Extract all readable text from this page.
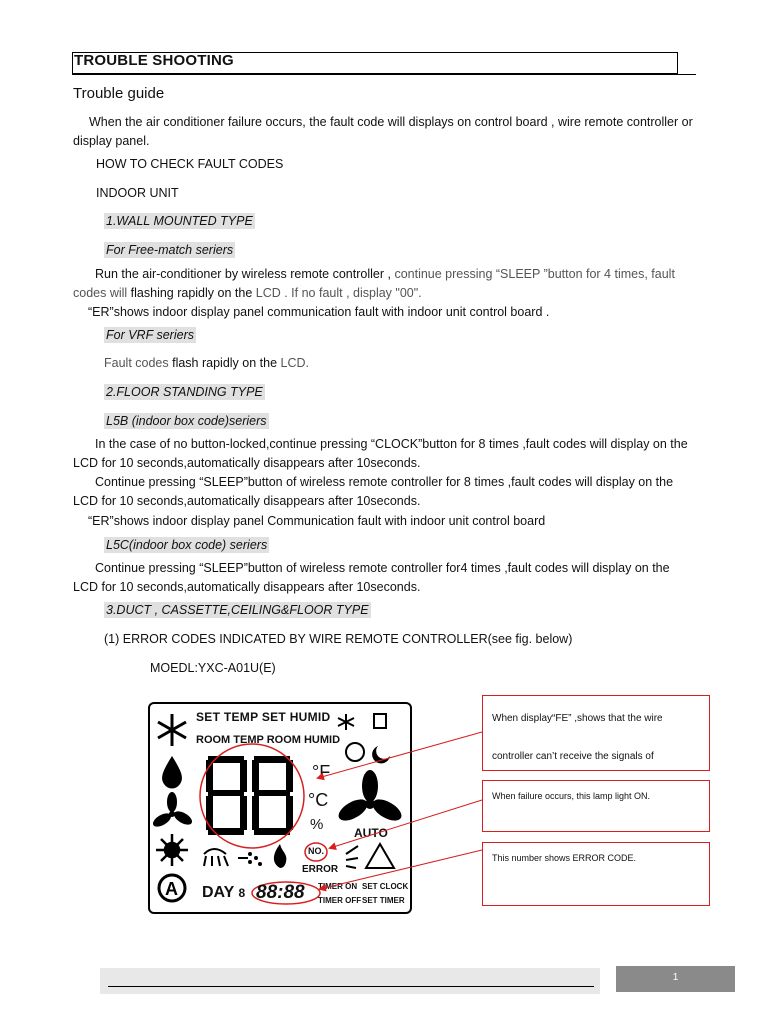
TROUBLE SHOOTING
Trouble guide
When the air conditioner failure occurs, the fault code will displays on control board , wire remote controller or display panel.
HOW TO CHECK FAULT CODES
INDOOR UNIT
1.WALL MOUNTED TYPE
For Free-match seriers
Run the air-conditioner by wireless remote controller , continue pressing “SLEEP ”button for 4 times, fault codes will flashing rapidly on the LCD . If no fault , display "00".
“ER”shows indoor display panel communication fault with indoor unit control board .
For VRF seriers
Fault codes flash rapidly on the LCD.
2.FLOOR STANDING TYPE
L5B (indoor box code)seriers
In the case of no button-locked,continue pressing “CLOCK”button for 8 times ,fault codes will display on the LCD for 10 seconds,automatically disappears after 10seconds.
Continue pressing “SLEEP”button of wireless remote controller for 8 times ,fault codes will display on the LCD for 10 seconds,automatically disappears after 10seconds.
“ER”shows indoor display panel Communication fault with indoor unit control board
L5C(indoor box code) seriers
Continue pressing “SLEEP”button of wireless remote controller for4 times ,fault codes will display on the LCD for 10 seconds,automatically disappears after 10seconds.
3.DUCT , CASSETTE,CEILING&FLOOR TYPE
(1) ERROR CODES INDICATED BY WIRE REMOTE CONTROLLER(see fig. below)
MOEDL:YXC-A01U(E)
A
SET TEMP SET HUMID
ROOM TEMP ROOM HUMID
°F
°C
%	AUTO
NO.
ERROR
DAY 8 88:88 TIMER ON
TIMER OFF
SET CLOCK
SET TIMER
When display“FE” ,shows that the wire
controller can’t receive the signals of
When failure occurs, this lamp light ON.
This number shows ERROR CODE.
1
